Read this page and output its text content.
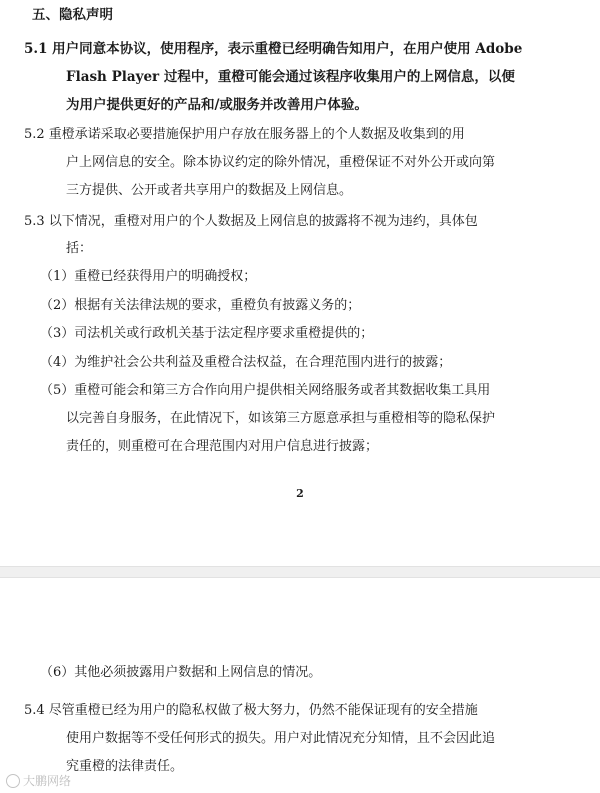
五、隐私声明
5.1 用户同意本协议，使用程序，表示重橙已经明确告知用户，在用户使用 Adobe
Flash Player 过程中，重橙可能会通过该程序收集用户的上网信息，以便
为用户提供更好的产品和/或服务并改善用户体验。
5.2 重橙承诺采取必要措施保护用户存放在服务器上的个人数据及收集到的用
户上网信息的安全。除本协议约定的除外情况，重橙保证不对外公开或向第
三方提供、公开或者共享用户的数据及上网信息。
5.3 以下情况，重橙对用户的个人数据及上网信息的披露将不视为违约，具体包
括：
（1）重橙已经获得用户的明确授权；
（2）根据有关法律法规的要求，重橙负有披露义务的；
（3）司法机关或行政机关基于法定程序要求重橙提供的；
（4）为维护社会公共利益及重橙合法权益，在合理范围内进行的披露；
（5）重橙可能会和第三方合作向用户提供相关网络服务或者其数据收集工具用
以完善自身服务，在此情况下，如该第三方愿意承担与重橙相等的隐私保护
责任的，则重橙可在合理范围内对用户信息进行披露；
2
（6）其他必须披露用户数据和上网信息的情况。
5.4 尽管重橙已经为用户的隐私权做了极大努力，仍然不能保证现有的安全措施
使用户数据等不受任何形式的损失。用户对此情况充分知情，且不会因此追
究重橙的法律责任。
大鹏网络
